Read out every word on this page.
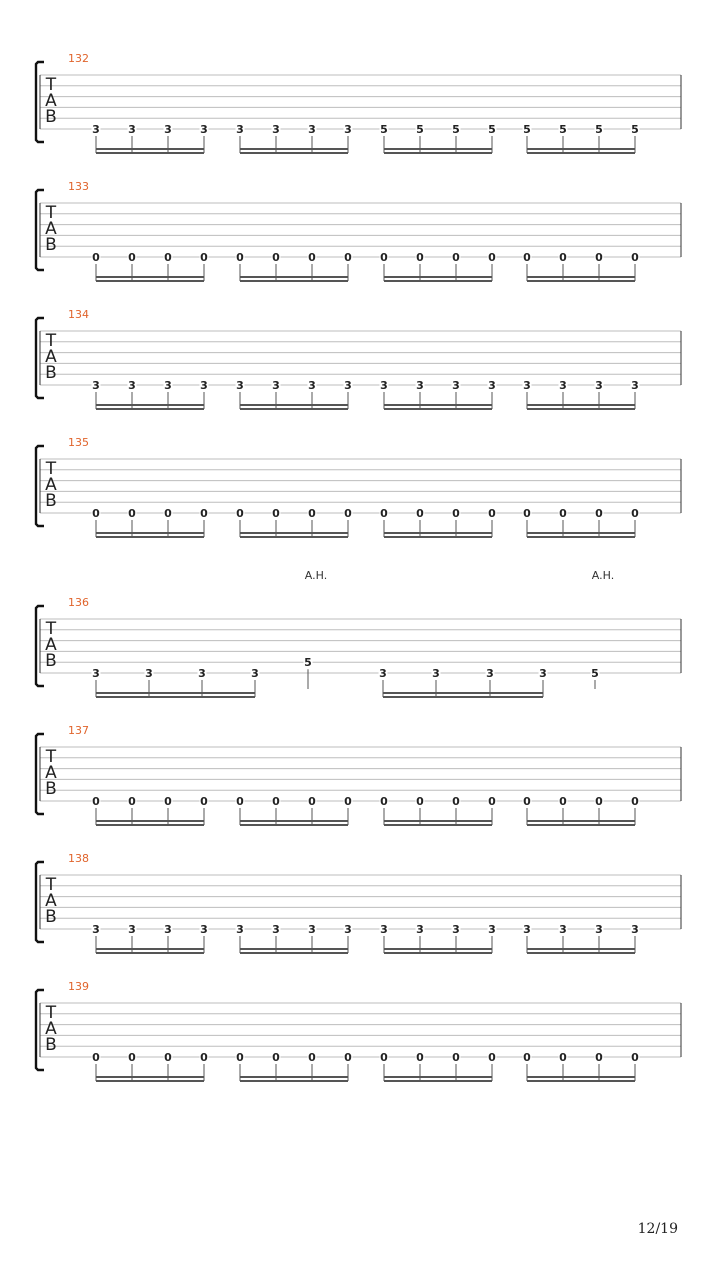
132
T
A
B
3	3	3	3	3	3	3	3	5	5	5	5 5	5	5	5
133
T
A
B
0	0	0	0	0	0	0	0	0	0	0	0 0	0	0	0
134
T
A
B
3	3	3	3	3	3	3	3	3	3	3	3 3	3	3	3
135
T
A
B
0	0	0	0	0	0	0	0	0	0	0	0 0	0	0	0
136
T
A
B
3	3	3	3
5
A.H.
3	3	3	3	5
A.H.
137
T
A
B
0	0	0	0	0	0	0	0	0	0	0	0 0	0	0	0
138
T
A
B
3	3	3	3	3	3	3	3	3	3	3	3 3	3	3	3
139
T
A
B
0	0	0	0	0	0	0	0	0	0	0	0 0	0	0	0
12/19
